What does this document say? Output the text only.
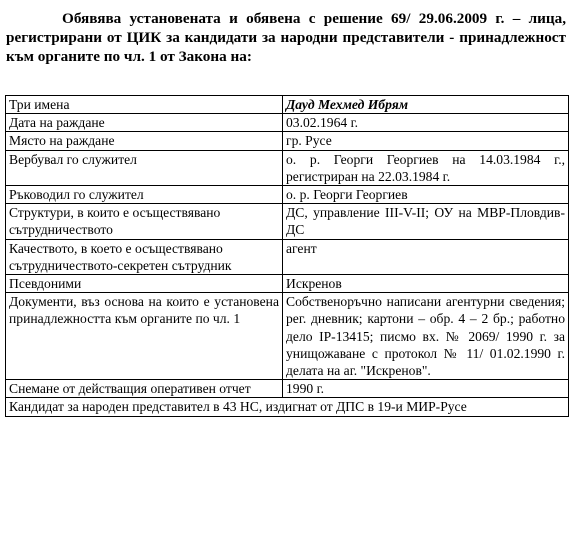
Обявява установената и обявена с решение 69/ 29.06.2009 г. – лица, регистрирани от ЦИК за кандидати за народни представители - принадлежност към органите по чл. 1 от Закона на:

Три имена	Дауд Мехмед Ибрям
Дата на раждане	03.02.1964 г.
Място на раждане	гр. Русе
Вербувал го служител	о. р. Георги Георгиев на 14.03.1984 г., регистриран на 22.03.1984 г.
Ръководил го служител	о. р. Георги Георгиев
Структури, в които е осъществявано сътрудничеството	ДС, управление III-V-II; ОУ на МВР-Пловдив-ДС
Качеството, в което е осъществявано сътрудничеството-секретен сътрудник	агент
Псевдоними	Искренов
Документи, въз основа на които е установена принадлежността към органите по чл. 1	Собственоръчно написани агентурни сведения; рег. дневник; картони – обр. 4 – 2 бр.; работно дело IР-13415; писмо вх. № 2069/ 1990 г. за унищожаване с протокол № 11/ 01.02.1990 г. делата на аг. "Искренов".
Снемане от действащия оперативен отчет	1990 г.
Кандидат за народен представител в 43 НС, издигнат от ДПС в 19-и МИР-Русе	
